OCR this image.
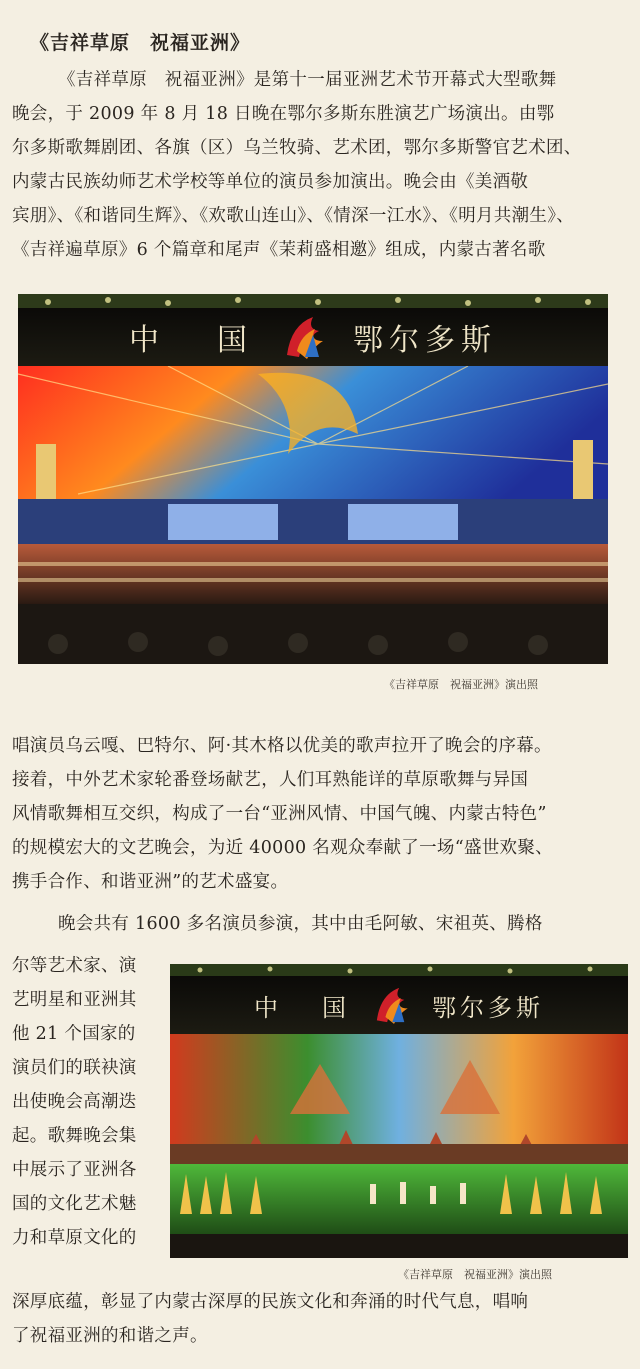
《吉祥草原　祝福亚洲》
《吉祥草原　祝福亚洲》是第十一届亚洲艺术节开幕式大型歌舞
晚会，于 2009 年 8 月 18 日晚在鄂尔多斯东胜演艺广场演出。由鄂
尔多斯歌舞剧团、各旗（区）乌兰牧骑、艺术团，鄂尔多斯警官艺术团、
内蒙古民族幼师艺术学校等单位的演员参加演出。晚会由《美酒敬
宾朋》、《和谐同生辉》、《欢歌山连山》、《情深一江水》、《明月共潮生》、
《吉祥遍草原》6 个篇章和尾声《茉莉盛相邀》组成，内蒙古著名歌
中　国	鄂尔多斯
《吉祥草原　祝福亚洲》演出照
唱演员乌云嘎、巴特尔、阿·其木格以优美的歌声拉开了晚会的序幕。
接着，中外艺术家轮番登场献艺，人们耳熟能详的草原歌舞与异国
风情歌舞相互交织，构成了一台“亚洲风情、中国气魄、内蒙古特色”
的规模宏大的文艺晚会，为近 40000 名观众奉献了一场“盛世欢聚、
携手合作、和谐亚洲”的艺术盛宴。
晚会共有 1600 多名演员参演，其中由毛阿敏、宋祖英、腾格
尔等艺术家、演
艺明星和亚洲其
他 21 个国家的
演员们的联袂演
出使晚会高潮迭
起。歌舞晚会集
中展示了亚洲各
国的文化艺术魅
力和草原文化的
中　国	鄂尔多斯
《吉祥草原　祝福亚洲》演出照
深厚底蕴，彰显了内蒙古深厚的民族文化和奔涌的时代气息，唱响
了祝福亚洲的和谐之声。
